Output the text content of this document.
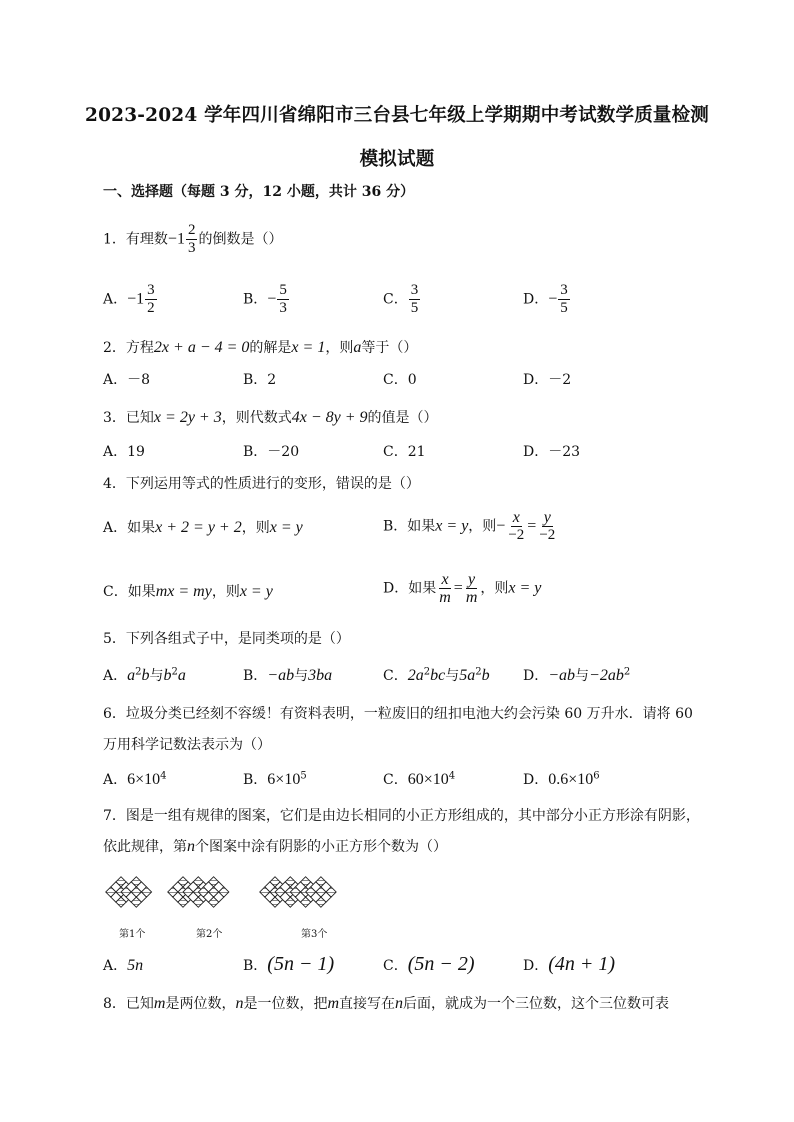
2023-2024 学年四川省绵阳市三台县七年级上学期期中考试数学质量检测
模拟试题
一、选择题（每题 3 分，12 小题，共计 36 分）
1．有理数$-1 \frac{2}{3}$ 的倒数是（）
A．$-1 \frac{3}{2}$	B．− $\frac{5}{3}$	C． $\frac{3}{5}$	D．− $\frac{3}{5}$
2．方程2x + a − 4 = 0的解是x = 1，则a等于（）
A．－8	B．2	C．0	D．－2
3．已知x = 2y + 3，则代数式4x − 8y + 9的值是（）
A．19	B．－20	C．21	D．－23
4．下列运用等式的性质进行的变形，错误的是（）
A．如果x + 2 = y + 2，则x = y	B．如果x = y，则− $\frac{x}{-2} = \frac{y}{-2}$
C．如果mx = my，则x = y	D．如果 $\frac{x}{m} = \frac{y}{m}$ ，则x = y
5．下列各组式子中，是同类项的是（）
A．$a^2b$与$b^2a$	B．−ab与3ba	C．$2a^2bc$与$5a^2b$ D．−ab与$-2ab^2$
6．垃圾分类已经刻不容缓！有资料表明，一粒废旧的纽扣电池大约会污染 60 万升水．请将 60
万用科学记数法表示为（）
A．$6\times 10^4$	B．$6\times 10^5$	C．$60\times 10^4$	D．$0.6\times 10^6$
7．图是一组有规律的图案，它们是由边长相同的小正方形组成的，其中部分小正方形涂有阴影，
依此规律，第n个图案中涂有阴影的小正方形个数为（）
第1个	第2个	第3个
A．5n	B．(5n − 1)	C．(5n − 2)	D．(4n + 1)
8．已知m是两位数，n是一位数，把m直接写在n后面，就成为一个三位数，这个三位数可表
